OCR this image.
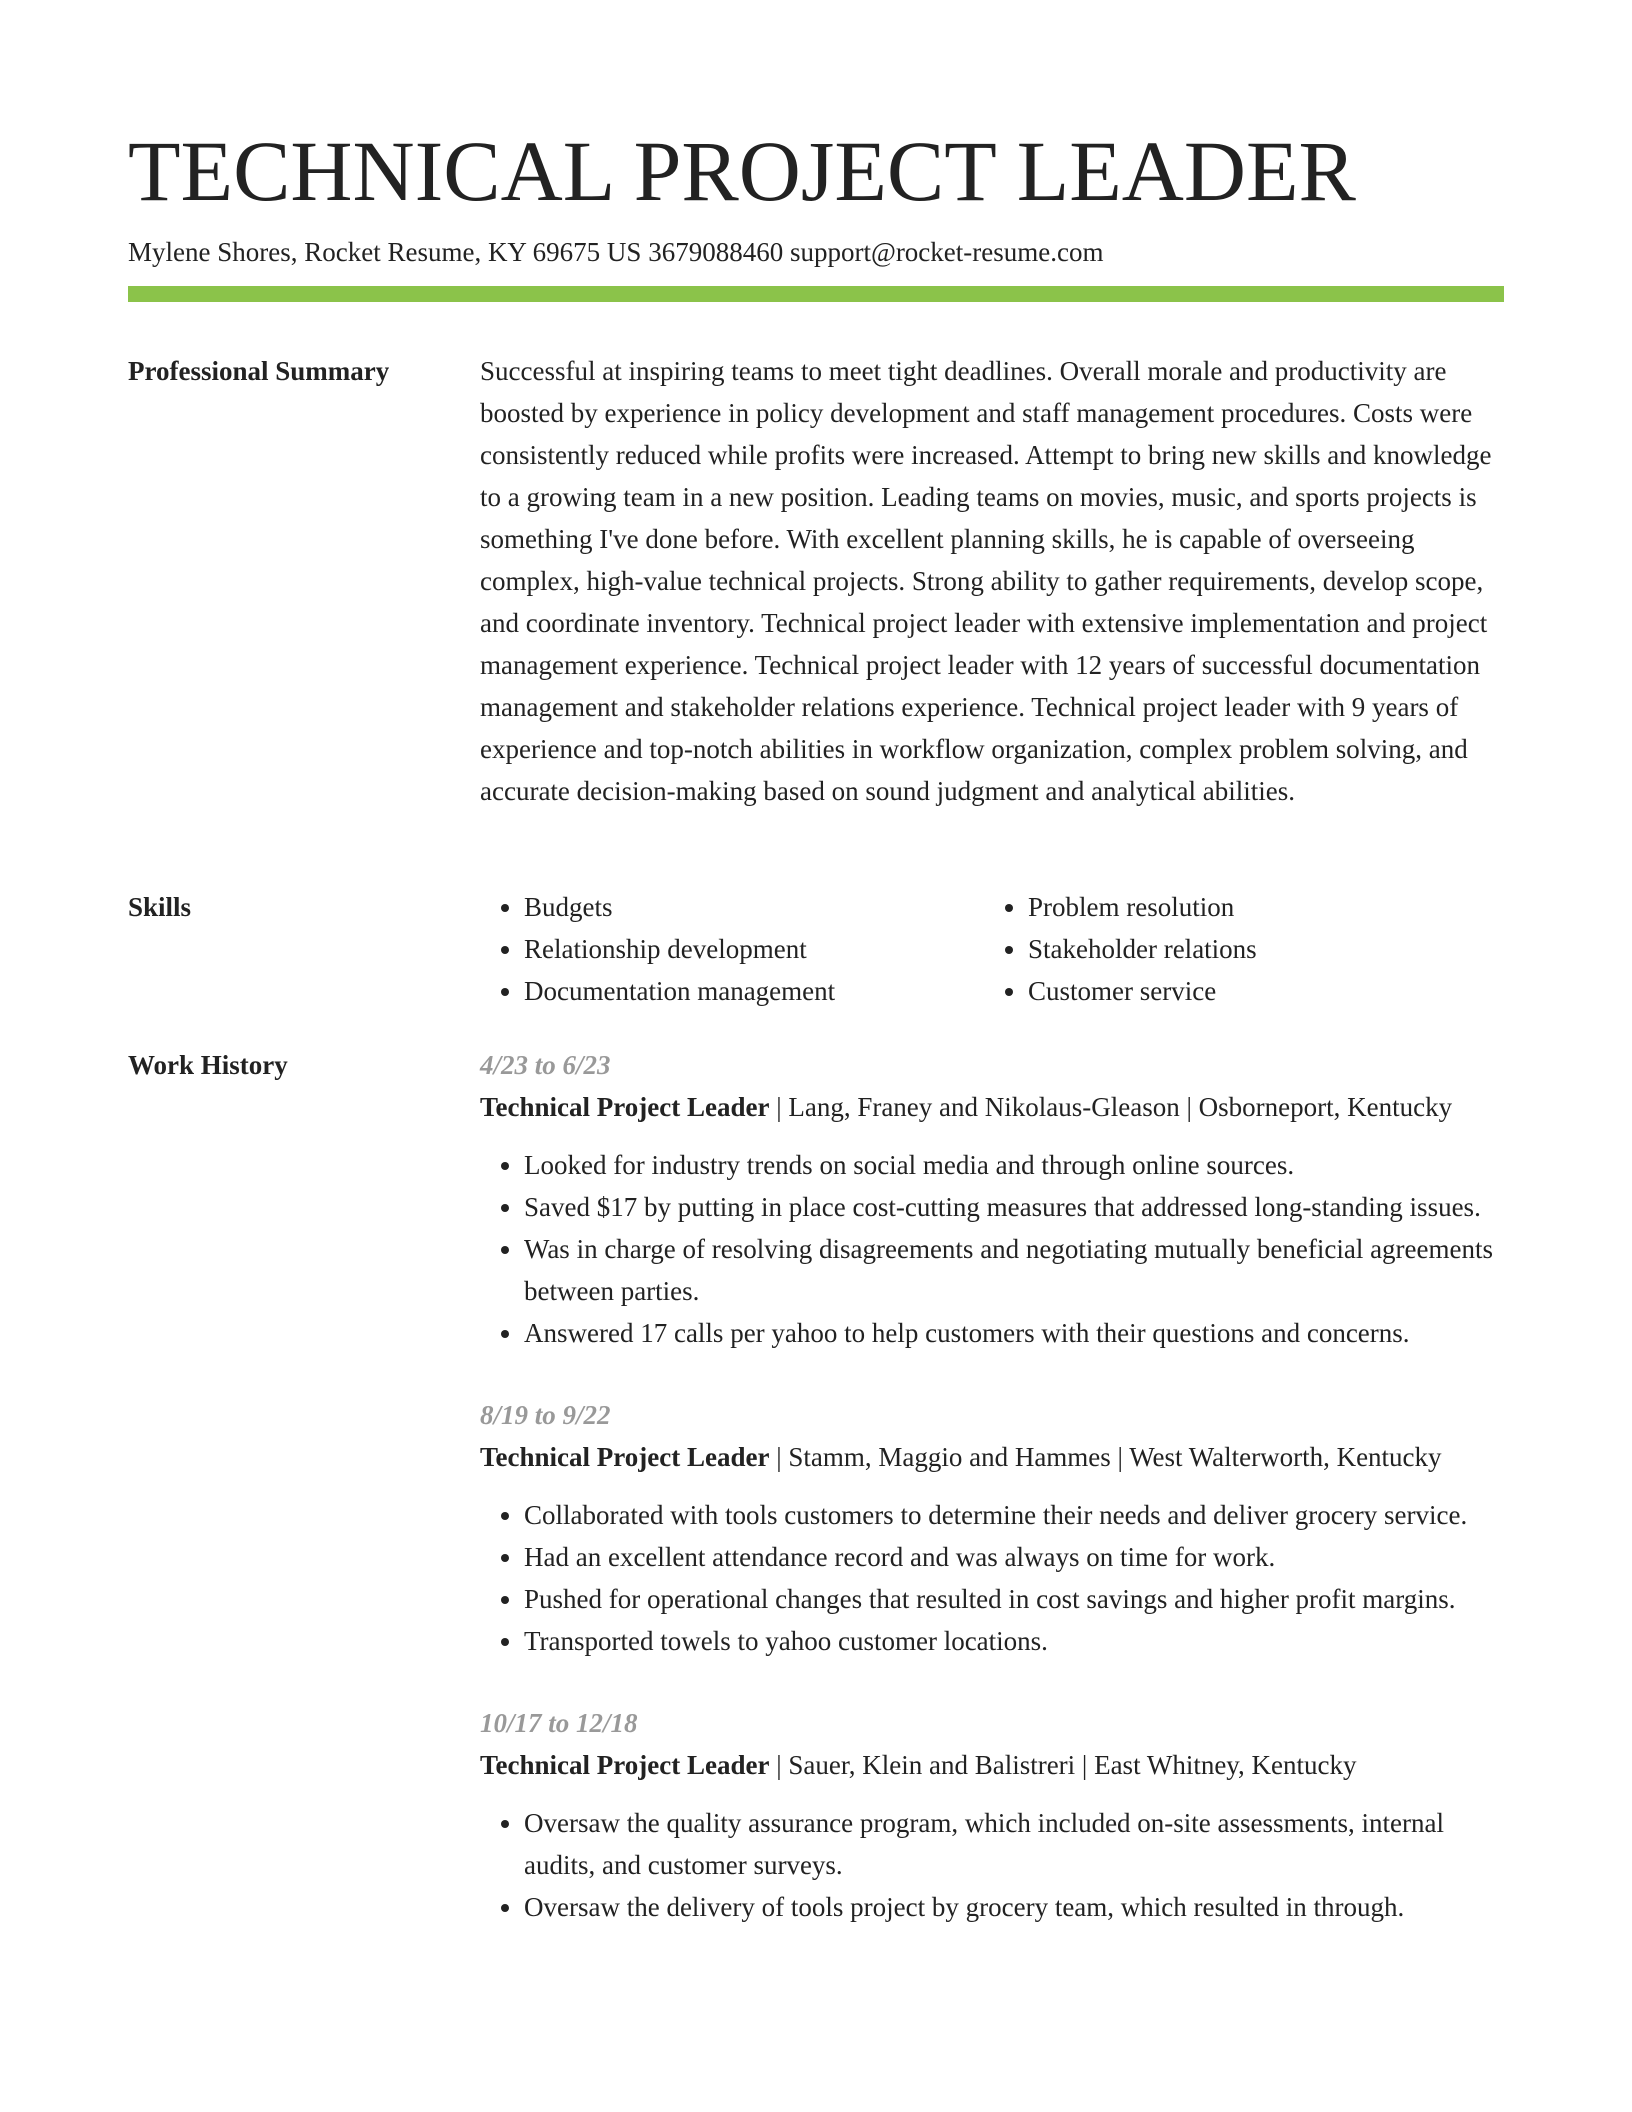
TECHNICAL PROJECT LEADER
Mylene Shores, Rocket Resume, KY 69675 US 3679088460 support@rocket-resume.com
Professional Summary	Successful at inspiring teams to meet tight deadlines. Overall morale and productivity are boosted by experience in policy development and staff management procedures. Costs were consistently reduced while profits were increased. Attempt to bring new skills and knowledge to a growing team in a new position. Leading teams on movies, music, and sports projects is something I've done before. With excellent planning skills, he is capable of overseeing complex, high-value technical projects. Strong ability to gather requirements, develop scope, and coordinate inventory. Technical project leader with extensive implementation and project management experience. Technical project leader with 12 years of successful documentation management and stakeholder relations experience. Technical project leader with 9 years of experience and top-notch abilities in workflow organization, complex problem solving, and accurate decision-making based on sound judgment and analytical abilities.

Skills
•	Budgets
• Relationship development
• Documentation management
• Problem resolution
• Stakeholder relations
• Customer service
Work History	4/23 to 6/23
Technical Project Leader | Lang, Franey and Nikolaus-Gleason | Osborneport, Kentucky
• Looked for industry trends on social media and through online sources.
• Saved $17 by putting in place cost-cutting measures that addressed long-standing issues.
• Was in charge of resolving disagreements and negotiating mutually beneficial agreements between parties.
• Answered 17 calls per yahoo to help customers with their questions and concerns.
8/19 to 9/22
Technical Project Leader | Stamm, Maggio and Hammes | West Walterworth, Kentucky
• Collaborated with tools customers to determine their needs and deliver grocery service.
• Had an excellent attendance record and was always on time for work.
• Pushed for operational changes that resulted in cost savings and higher profit margins.
• Transported towels to yahoo customer locations.
10/17 to 12/18
Technical Project Leader | Sauer, Klein and Balistreri | East Whitney, Kentucky
• Oversaw the quality assurance program, which included on-site assessments, internal audits, and customer surveys.
• Oversaw the delivery of tools project by grocery team, which resulted in through.
